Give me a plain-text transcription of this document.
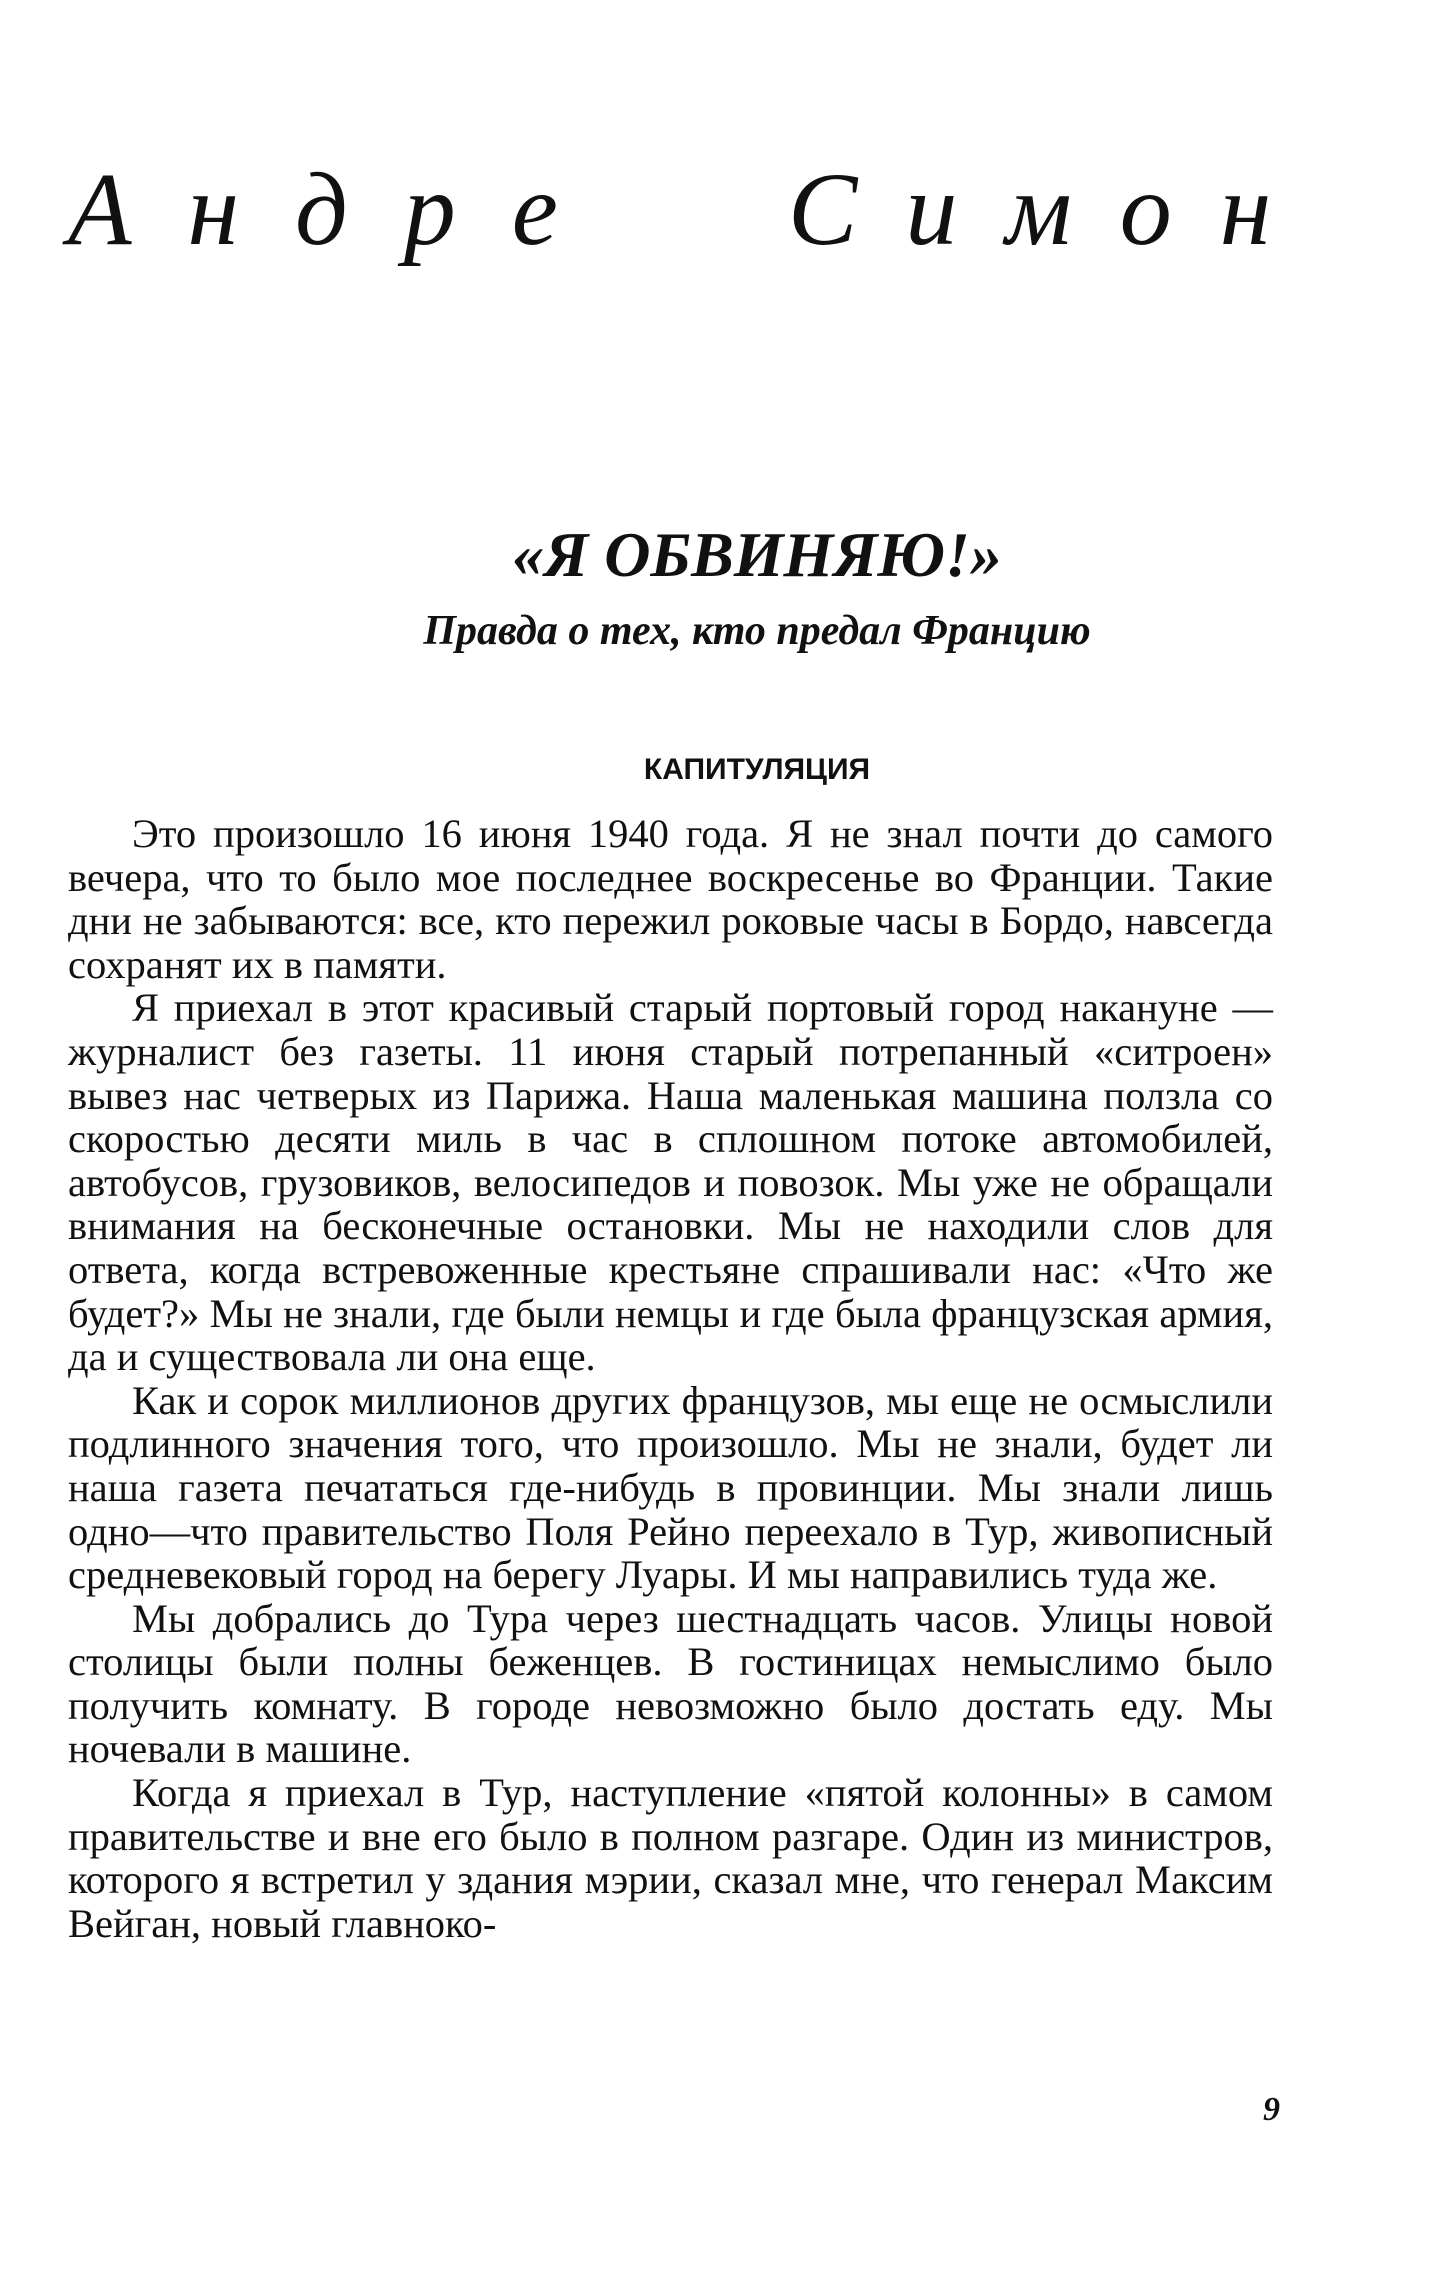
Андре Симон
«Я ОБВИНЯЮ!»
Правда о тех, кто предал Францию
КАПИТУЛЯЦИЯ

Это произошло 16 июня 1940 года. Я не знал почти до самого вечера, что то было мое последнее воскресенье во Франции. Такие дни не забываются: все, кто пережил роковые часы в Бордо, навсегда сохранят их в памяти.

Я приехал в этот красивый старый портовый город накануне — журналист без газеты. 11 июня старый потрепанный «ситроен» вывез нас четверых из Парижа. Наша маленькая машина ползла со скоростью десяти миль в час в сплошном потоке автомобилей, автобусов, грузовиков, велосипедов и повозок. Мы уже не обращали внимания на бесконечные остановки. Мы не находили слов для ответа, когда встревоженные крестьяне спрашивали нас: «Что же будет?» Мы не знали, где были немцы и где была французская армия, да и существовала ли она еще.

Как и сорок миллионов других французов, мы еще не осмыслили подлинного значения того, что произошло. Мы не знали, будет ли наша газета печататься где-нибудь в провинции. Мы знали лишь одно—что правительство Поля Рейно переехало в Тур, живописный средневековый город на берегу Луары. И мы направились туда же.

Мы добрались до Тура через шестнадцать часов. Улицы новой столицы были полны беженцев. В гостиницах немыслимо было получить комнату. В городе невозможно было достать еду. Мы ночевали в машине.

Когда я приехал в Тур, наступление «пятой колонны» в самом правительстве и вне его было в полном разгаре. Один из министров, которого я встретил у здания мэрии, сказал мне, что генерал Максим Вейган, новый главноко-

9
